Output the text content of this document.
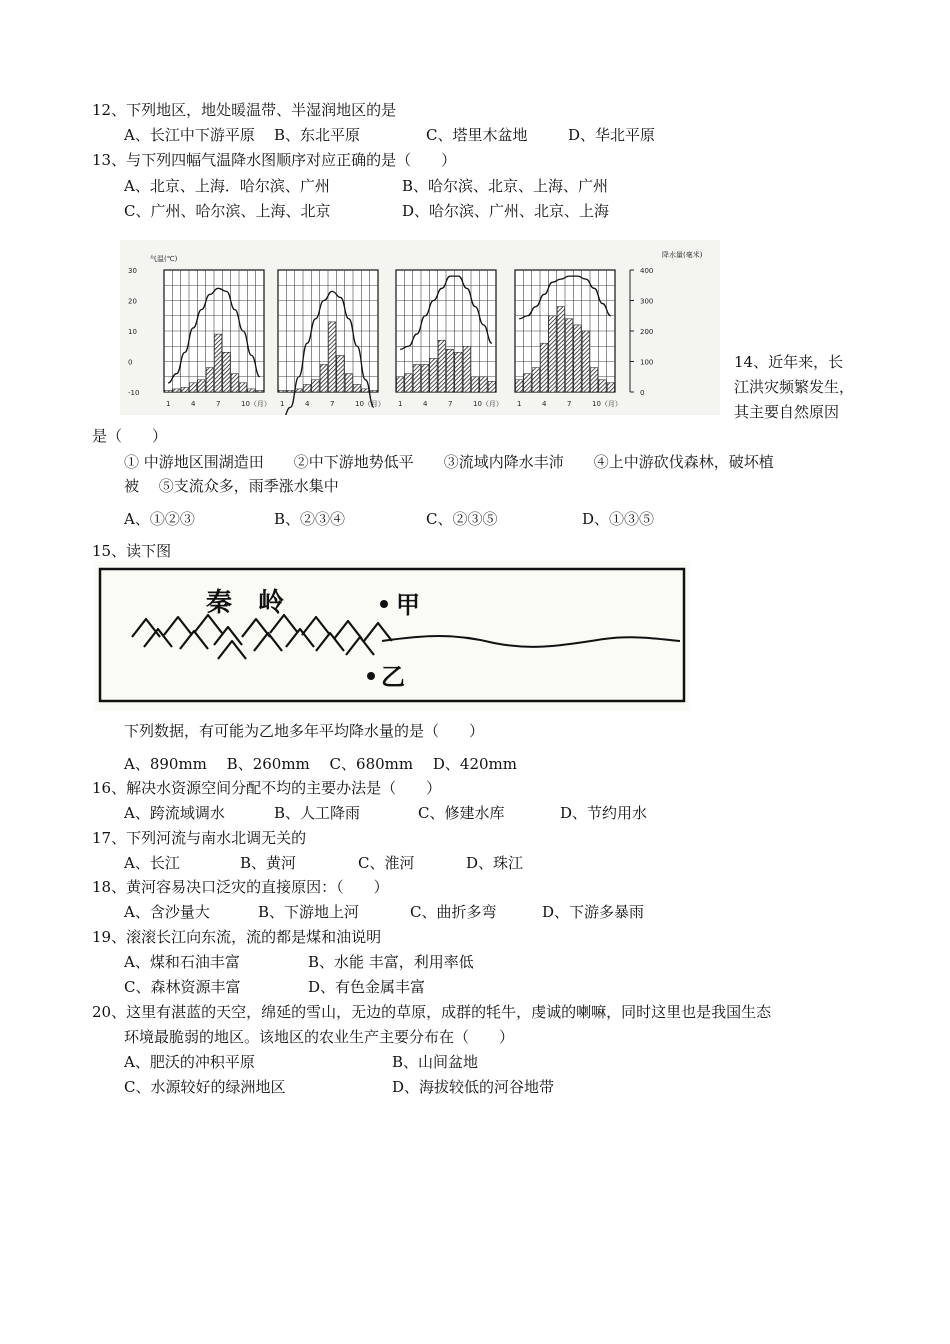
12、下列地区，地处暖温带、半湿润地区的是
A、长江中下游平原 B、东北平原	C、塔里木盆地	D、华北平原
13、与下列四幅气温降水图顺序对应正确的是（　　）
A、北京、上海．哈尔滨、广州	B、哈尔滨、北京、上海、广州
C、广州、哈尔滨、上海、北京	D、哈尔滨、广州、北京、上海
气温(℃)	降水量(毫米)
30
20
10
0
-10
400
300
200
100
0
1	4	7	10（月） 1	4	7	10（月） 1	4	7	10（月） 1	4	7	10（月）
14、近年来，长
江洪灾频繁发生，
其主要自然原因
是（　　）
① 中游地区围湖造田　　②中下游地势低平　　③流域内降水丰沛　　④上中游砍伐森林，破坏植
被　 ⑤支流众多，雨季涨水集中
A、①②③	B、②③④	C、②③⑤	D、①③⑤
15、读下图
秦　岭	甲
乙
下列数据，有可能为乙地多年平均降水量的是（　　）
A、890mm　 B、260mm　 C、680mm　 D、420mm
16、解决水资源空间分配不均的主要办法是（　　）
A、跨流域调水	B、人工降雨	C、修建水库	D、节约用水
17、下列河流与南水北调无关的
A、长江	B、黄河	C、淮河	D、珠江
18、黄河容易决口泛灾的直接原因：（　　）
A、含沙量大	B、下游地上河	C、曲折多弯	D、下游多暴雨
19、滚滚长江向东流，流的都是煤和油说明
A、煤和石油丰富	B、水能 丰富，利用率低
C、森林资源丰富	D、有色金属丰富
20、这里有湛蓝的天空，绵延的雪山，无边的草原，成群的牦牛，虔诚的喇嘛，同时这里也是我国生态
环境最脆弱的地区。该地区的农业生产主要分布在（　　）
A、肥沃的冲积平原	B、山间盆地
C、水源较好的绿洲地区	D、海拔较低的河谷地带
